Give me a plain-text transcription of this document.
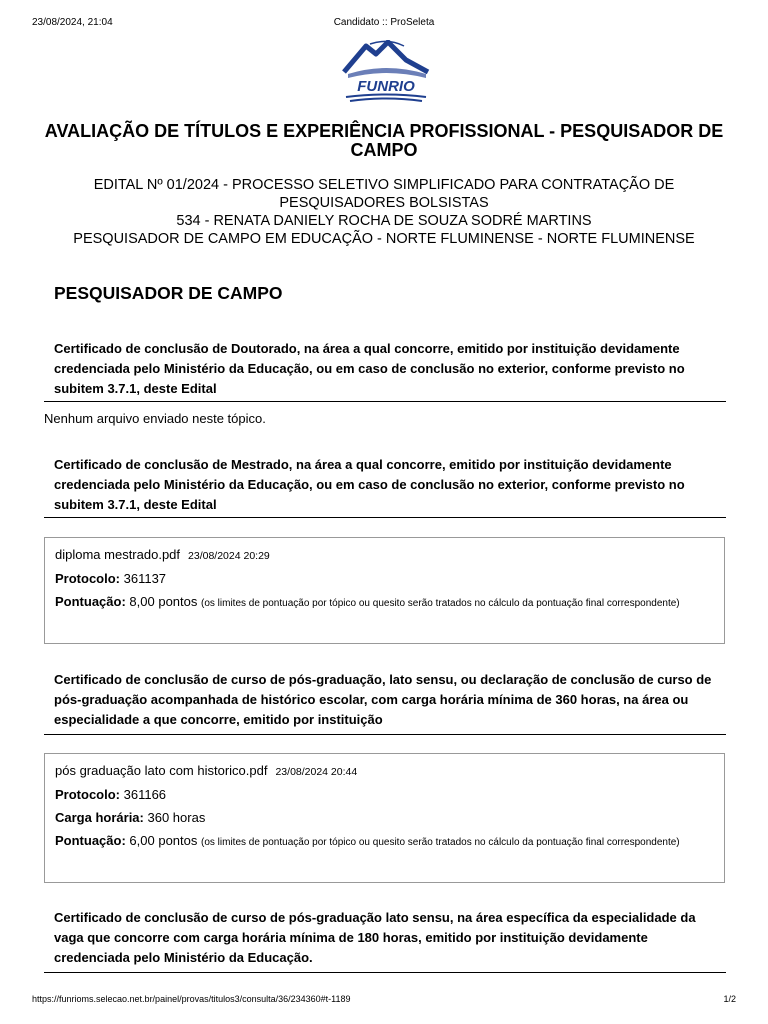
23/08/2024, 21:04	Candidato :: ProSeleta
FUNRIO
AVALIAÇÃO DE TÍTULOS E EXPERIÊNCIA PROFISSIONAL - PESQUISADOR DE CAMPO
EDITAL Nº 01/2024 - PROCESSO SELETIVO SIMPLIFICADO PARA CONTRATAÇÃO DE PESQUISADORES BOLSISTAS
534 - RENATA DANIELY ROCHA DE SOUZA SODRÉ MARTINS
PESQUISADOR DE CAMPO EM EDUCAÇÃO - NORTE FLUMINENSE - NORTE FLUMINENSE
PESQUISADOR DE CAMPO

Certificado de conclusão de Doutorado, na área a qual concorre, emitido por instituição devidamente credenciada pelo Ministério da Educação, ou em caso de conclusão no exterior, conforme previsto no subitem 3.7.1, deste Edital

Nenhum arquivo enviado neste tópico.

Certificado de conclusão de Mestrado, na área a qual concorre, emitido por instituição devidamente credenciada pelo Ministério da Educação, ou em caso de conclusão no exterior, conforme previsto no subitem 3.7.1, deste Edital

diploma mestrado.pdf 23/08/2024 20:29
Protocolo: 361137
Pontuação: 8,00 pontos (os limites de pontuação por tópico ou quesito serão tratados no cálculo da pontuação final correspondente)

Certificado de conclusão de curso de pós-graduação, lato sensu, ou declaração de conclusão de curso de pós-graduação acompanhada de histórico escolar, com carga horária mínima de 360 horas, na área ou especialidade a que concorre, emitido por instituição

pós graduação lato com historico.pdf 23/08/2024 20:44
Protocolo: 361166
Carga horária: 360 horas
Pontuação: 6,00 pontos (os limites de pontuação por tópico ou quesito serão tratados no cálculo da pontuação final correspondente)

Certificado de conclusão de curso de pós-graduação lato sensu, na área específica da especialidade da vaga que concorre com carga horária mínima de 180 horas, emitido por instituição devidamente credenciada pelo Ministério da Educação.

https://funrioms.selecao.net.br/painel/provas/titulos3/consulta/36/234360#t-1189	1/2
